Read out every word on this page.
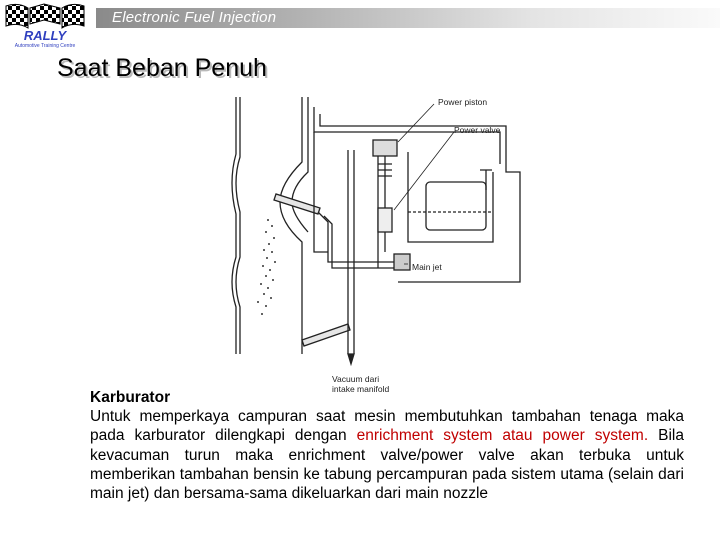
RALLY
Automotive Training Centre
Electronic Fuel Injection
Saat Beban Penuh
Power piston
Power valve
Main jet
Vacuum dari
intake manifold
Karburator
Untuk memperkaya campuran saat mesin membutuhkan tambahan tenaga maka pada karburator dilengkapi dengan enrichment system atau power system. Bila kevacuman turun maka enrichment valve/power valve akan terbuka untuk memberikan tambahan bensin ke tabung percampuran pada sistem utama (selain dari main jet) dan bersama-sama dikeluarkan dari main nozzle
